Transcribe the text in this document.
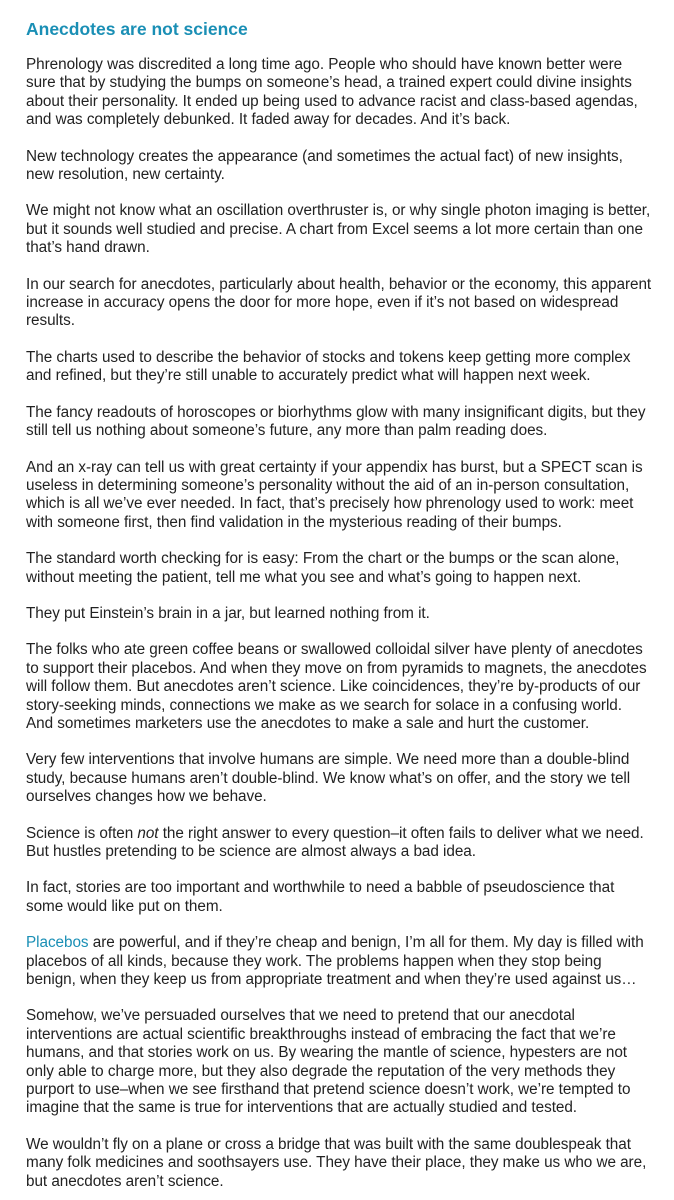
Anecdotes are not science

Phrenology was discredited a long time ago. People who should have known better were sure that by studying the bumps on someone’s head, a trained expert could divine insights about their personality. It ended up being used to advance racist and class-based agendas, and was completely debunked. It faded away for decades. And it’s back.

New technology creates the appearance (and sometimes the actual fact) of new insights, new resolution, new certainty.

We might not know what an oscillation overthruster is, or why single photon imaging is better, but it sounds well studied and precise. A chart from Excel seems a lot more certain than one that’s hand drawn.

In our search for anecdotes, particularly about health, behavior or the economy, this apparent increase in accuracy opens the door for more hope, even if it’s not based on widespread results.

The charts used to describe the behavior of stocks and tokens keep getting more complex and refined, but they’re still unable to accurately predict what will happen next week.

The fancy readouts of horoscopes or biorhythms glow with many insignificant digits, but they still tell us nothing about someone’s future, any more than palm reading does.

And an x-ray can tell us with great certainty if your appendix has burst, but a SPECT scan is useless in determining someone’s personality without the aid of an in-person consultation, which is all we’ve ever needed. In fact, that’s precisely how phrenology used to work: meet with someone first, then find validation in the mysterious reading of their bumps.

The standard worth checking for is easy: From the chart or the bumps or the scan alone, without meeting the patient, tell me what you see and what’s going to happen next.

They put Einstein’s brain in a jar, but learned nothing from it.

The folks who ate green coffee beans or swallowed colloidal silver have plenty of anecdotes to support their placebos. And when they move on from pyramids to magnets, the anecdotes will follow them. But anecdotes aren’t science. Like coincidences, they’re by-products of our story-seeking minds, connections we make as we search for solace in a confusing world. And sometimes marketers use the anecdotes to make a sale and hurt the customer.

Very few interventions that involve humans are simple. We need more than a double-blind study, because humans aren’t double-blind. We know what’s on offer, and the story we tell ourselves changes how we behave.

Science is often not the right answer to every question–it often fails to deliver what we need. But hustles pretending to be science are almost always a bad idea.

In fact, stories are too important and worthwhile to need a babble of pseudoscience that some would like put on them.

Placebos are powerful, and if they’re cheap and benign, I’m all for them. My day is filled with placebos of all kinds, because they work. The problems happen when they stop being benign, when they keep us from appropriate treatment and when they’re used against us…

Somehow, we’ve persuaded ourselves that we need to pretend that our anecdotal interventions are actual scientific breakthroughs instead of embracing the fact that we’re humans, and that stories work on us. By wearing the mantle of science, hypesters are not only able to charge more, but they also degrade the reputation of the very methods they purport to use–when we see firsthand that pretend science doesn’t work, we’re tempted to imagine that the same is true for interventions that are actually studied and tested.

We wouldn’t fly on a plane or cross a bridge that was built with the same doublespeak that many folk medicines and soothsayers use. They have their place, they make us who we are, but anecdotes aren’t science.
